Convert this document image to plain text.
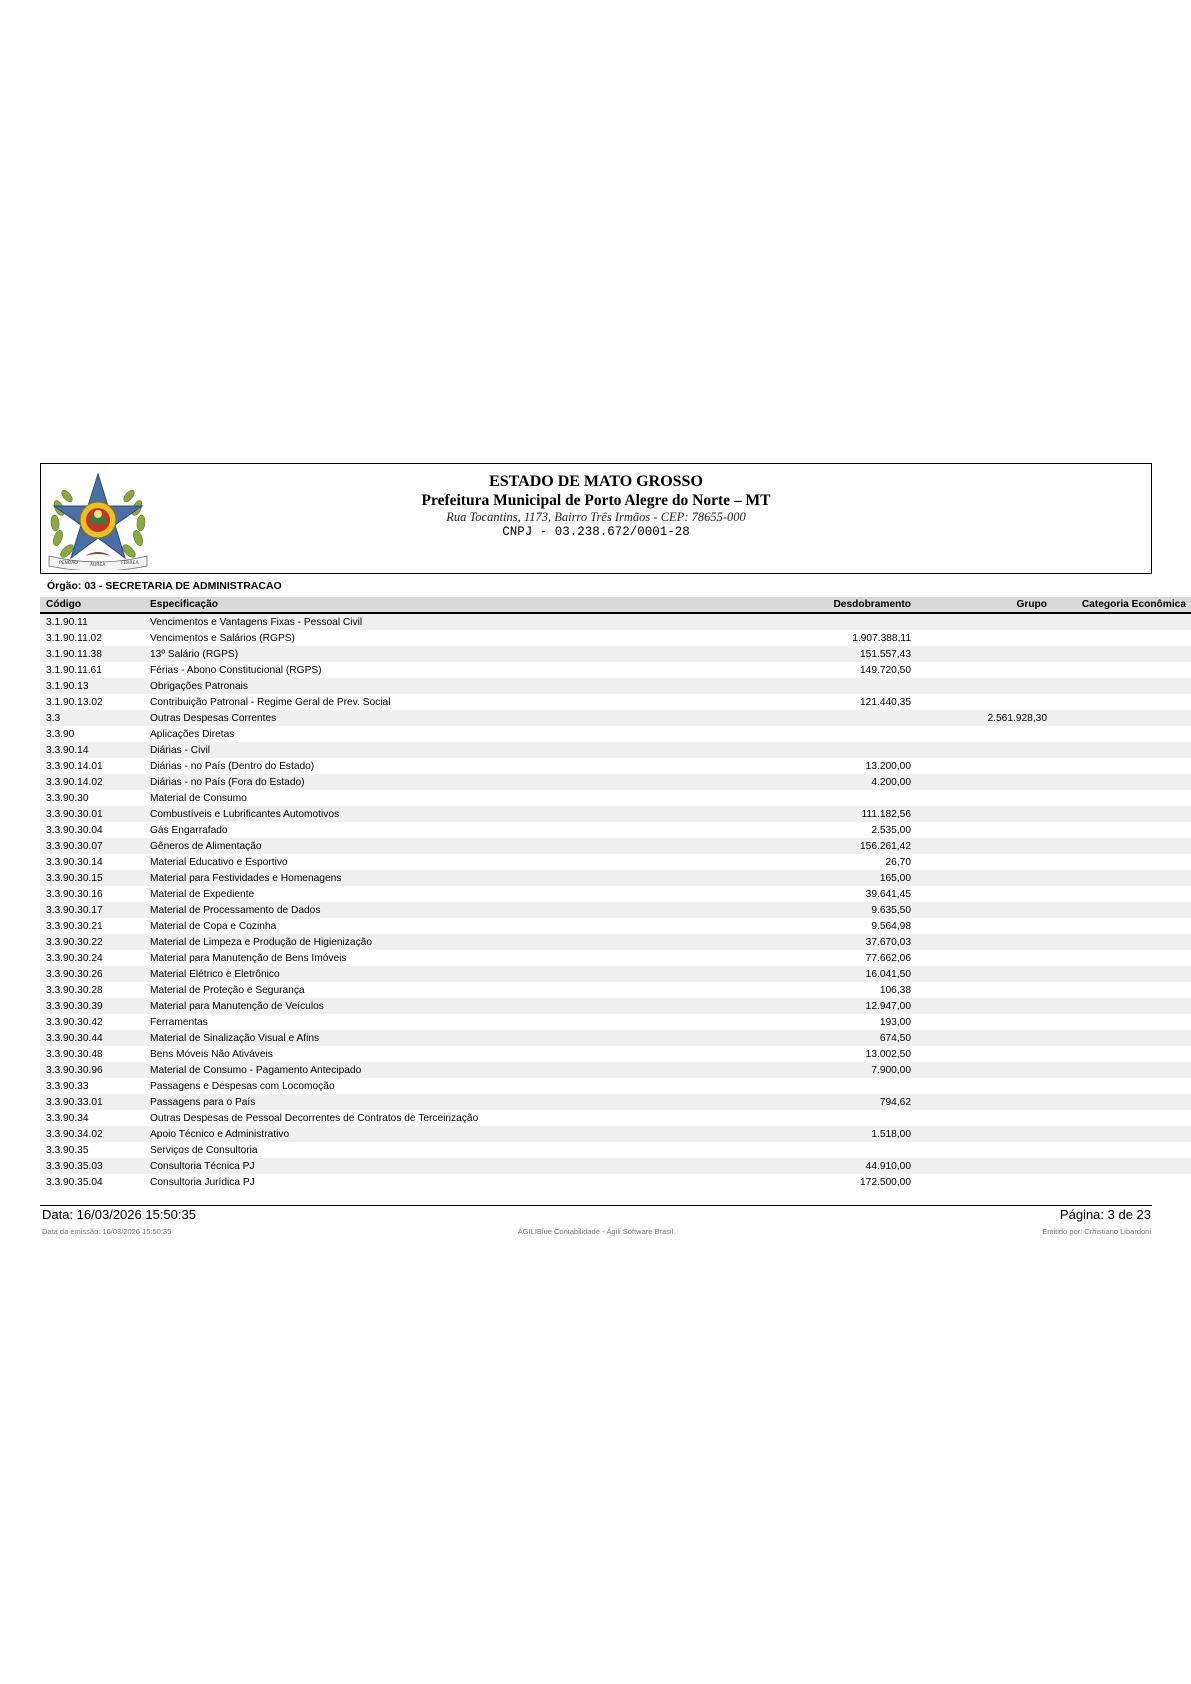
PENDÃO	ÁUREA	FERREA
ESTADO DE MATO GROSSO
Prefeitura Municipal de Porto Alegre do Norte – MT
Rua Tocantins, 1173, Bairro Três Irmãos - CEP: 78655-000
CNPJ - 03.238.672/0001-28
Órgão: 03 - SECRETARIA DE ADMINISTRACAO
Código	Especificação	Desdobramento	Grupo	Categoria Econômica
3.1.90.11	Vencimentos e Vantagens Fixas - Pessoal Civil			
3.1.90.11.02	Vencimentos e Salários (RGPS)	1.907.388,11		
3.1.90.11.38	13º Salário (RGPS)	151.557,43		
3.1.90.11.61	Férias - Abono Constitucional (RGPS)	149.720,50		
3.1.90.13	Obrigações Patronais			
3.1.90.13.02	Contribuição Patronal - Regime Geral de Prev. Social	121.440,35		
3.3	Outras Despesas Correntes		2.561.928,30	
3.3.90	Aplicações Diretas			
3.3.90.14	Diárias - Civil			
3.3.90.14.01	Diárias - no País (Dentro do Estado)	13.200,00		
3.3.90.14.02	Diárias - no País (Fora do Estado)	4.200,00		
3.3.90.30	Material de Consumo			
3.3.90.30.01	Combustíveis e Lubrificantes Automotivos	111.182,56		
3.3.90.30.04	Gás Engarrafado	2.535,00		
3.3.90.30.07	Gêneros de Alimentação	156.261,42		
3.3.90.30.14	Material Educativo e Esportivo	26,70		
3.3.90.30.15	Material para Festividades e Homenagens	165,00		
3.3.90.30.16	Material de Expediente	39.641,45		
3.3.90.30.17	Material de Processamento de Dados	9.635,50		
3.3.90.30.21	Material de Copa e Cozinha	9.564,98		
3.3.90.30.22	Material de Limpeza e Produção de Higienização	37.670,03		
3.3.90.30.24	Material para Manutenção de Bens Imóveis	77.662,06		
3.3.90.30.26	Material Elétrico e Eletrônico	16.041,50		
3.3.90.30.28	Material de Proteção e Segurança	106,38		
3.3.90.30.39	Material para Manutenção de Veículos	12.947,00		
3.3.90.30.42	Ferramentas	193,00		
3.3.90.30.44	Material de Sinalização Visual e Afins	674,50		
3.3.90.30.48	Bens Móveis Não Ativáveis	13.002,50		
3.3.90.30.96	Material de Consumo - Pagamento Antecipado	7.900,00		
3.3.90.33	Passagens e Despesas com Locomoção			
3.3.90.33.01	Passagens para o País	794,62		
3.3.90.34	Outras Despesas de Pessoal Decorrentes de Contratos de Terceirização			
3.3.90.34.02	Apoio Técnico e Administrativo	1.518,00		
3.3.90.35	Serviços de Consultoria			
3.3.90.35.03	Consultoria Técnica PJ	44.910,00		
3.3.90.35.04	Consultoria Jurídica PJ	172.500,00		
Data: 16/03/2026 15:50:35	Página: 3 de 23
Data da emissão: 16/03/2026 15:50:35	ÁGILIBlue Contabilidade - Ágili Software Brasil	Emitido por: Crhistiano Libardoni
